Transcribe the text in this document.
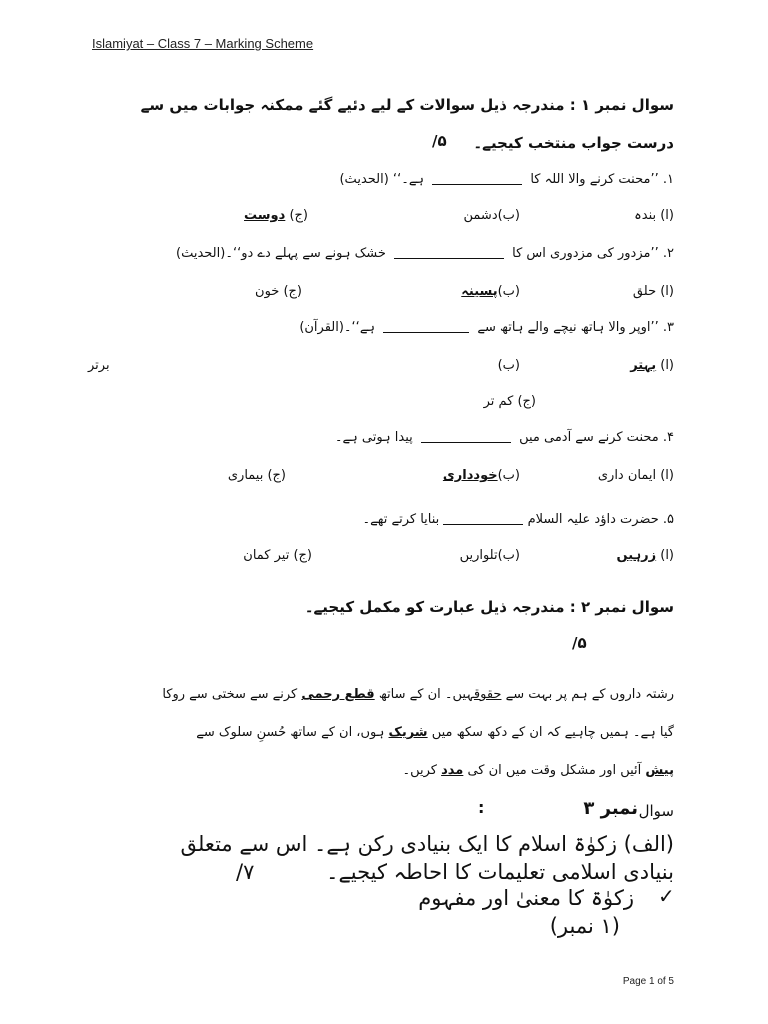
Islamiyat – Class 7 – Marking Scheme
سوال نمبر ۱ : مندرجہ ذیل سوالات کے لیے دئیے گئے ممکنہ جوابات میں سے
درست جواب منتخب کیجیے۔
/۵
۱. ’’محنت کرنے والا اللہ کا  ہے۔‘‘ (الحدیث)
(ا) بندہ
(ب)دشمن
(ج) دوست
۲. ’’مزدور کی مزدوری اس کا  خشک ہونے سے پہلے دے دو‘‘۔(الحدیث)
(ا) حلق
(ب)پسینہ
(ج) خون
۳. ’’اوپر والا ہاتھ نیچے والے ہاتھ سے  ہے‘‘۔(القرآن)
(ا) بہتر
(ب)
برتر
(ج) کم تر
۴. محنت کرنے سے آدمی میں  پیدا ہوتی ہے۔
(ا) ایمان داری
(ب)خودداری
(ج) بیماری
۵. حضرت داؤد علیہ السلام  بنایا کرتے تھے۔
(ا) زرہیں
(ب)تلواریں
(ج) تیر کمان
سوال نمبر ۲ : مندرجہ ذیل عبارت کو مکمل کیجیے۔
/۵
رشتہ داروں کے ہم پر بہت سے حقوقہیں۔ ان کے ساتھ قطع رحمی کرنے سے سختی سے روکا
گیا ہے۔ ہمیں چاہیے کہ ان کے دکھ سکھ میں شریک ہوں، ان کے ساتھ حُسنِ سلوک سے
پیش آئیں اور مشکل وقت میں ان کی مدد کریں۔
سوال
نمبر ۳
:
(الف) زکوٰۃ اسلام کا ایک بنیادی رکن ہے۔ اس سے متعلق
بنیادی اسلامی تعلیمات کا احاطہ کیجیے۔
/۷
✓
زکوٰۃ کا معنیٰ اور مفہوم
(۱ نمبر)
Page 1 of 5
